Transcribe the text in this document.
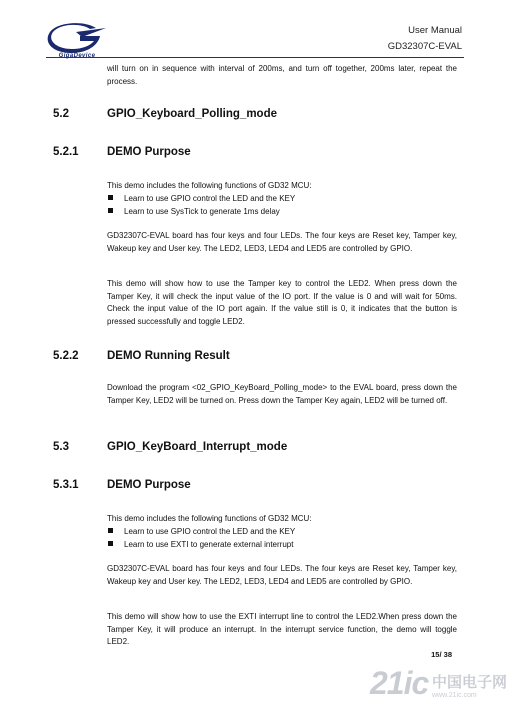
GigaDevice
User Manual
GD32307C-EVAL
will turn on in sequence with interval of 200ms, and turn off together, 200ms later, repeat the process.
5.2	GPIO_Keyboard_Polling_mode
5.2.1 DEMO Purpose
This demo includes the following functions of GD32 MCU:
Learn to use GPIO control the LED and the KEY
Learn to use SysTick to generate 1ms delay
GD32307C-EVAL board has four keys and four LEDs. The four keys are Reset key, Tamper key, Wakeup key and User key. The LED2, LED3, LED4 and LED5 are controlled by GPIO.
This demo will show how to use the Tamper key to control the LED2. When press down the Tamper Key, it will check the input value of the IO port. If the value is 0 and will wait for 50ms. Check the input value of the IO port again. If the value still is 0, it indicates that the button is pressed successfully and toggle LED2.
5.2.2 DEMO Running Result
Download the program <02_GPIO_KeyBoard_Polling_mode> to the EVAL board, press down the Tamper Key, LED2 will be turned on. Press down the Tamper Key again, LED2 will be turned off.
5.3	GPIO_KeyBoard_Interrupt_mode
5.3.1 DEMO Purpose
This demo includes the following functions of GD32 MCU:
Learn to use GPIO control the LED and the KEY
Learn to use EXTI to generate external interrupt
GD32307C-EVAL board has four keys and four LEDs. The four keys are Reset key, Tamper key, Wakeup key and User key. The LED2, LED3, LED4 and LED5 are controlled by GPIO.
This demo will show how to use the EXTI interrupt line to control the LED2.When press down the Tamper Key, it will produce an interrupt. In the interrupt service function, the demo will toggle LED2.
15/ 38
21ic 中国电子网
www.21ic.com
